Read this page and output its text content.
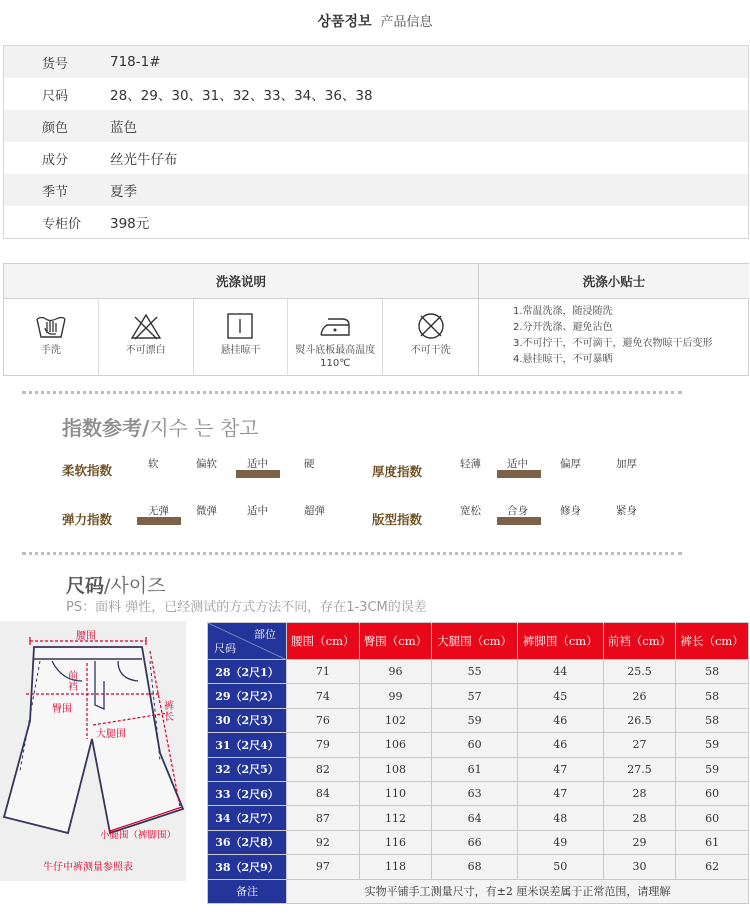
상품정보 产品信息
货号	718-1#
尺码	28、29、30、31、32、33、34、36、38
颜色	蓝色
成分	丝光牛仔布
季节	夏季
专柜价	398元
洗涤说明	洗涤小贴士
手洗	不可漂白	悬挂晾干	熨斗底板最高温度110℃
不可干洗
1.常温洗涤，随浸随洗
2.分开洗涤、避免沾色
3.不可拧干，不可滴干，避免衣物晾干后变形
4.悬挂晾干，不可暴晒
指数参考/지수 는 참고
柔软指数	软	偏软	适中	硬	厚度指数	轻薄 适中	偏厚	加厚
弹力指数
无弹	微弹	适中	超弹
版型指数
宽松 合身	修身	紧身
尺码/사이즈
PS：面料 弹性，已经测试的方式方法不同，存在1-3CM的误差
腰围
前裆
臀围
大腿围
裤长
小腿围（裤脚围）
牛仔中裤测量参照表
部位
尺码	腰围（cm）	臀围（cm）	大腿围（cm）	裤脚围（cm）	前裆（cm）	裤长（cm）
28（2尺1）	71	96	55	44	25.5	58
29（2尺2）	74	99	57	45	26	58
30（2尺3）	76	102	59	46	26.5	58
31（2尺4）	79	106	60	46	27	59
32（2尺5）	82	108	61	47	27.5	59
33（2尺6）	84	110	63	47	28	60
34（2尺7）	87	112	64	48	28	60
36（2尺8）	92	116	66	49	29	61
38（2尺9）	97	118	68	50	30	62
备注	实物平铺手工测量尺寸，有±2 厘米误差属于正常范围，请理解					
